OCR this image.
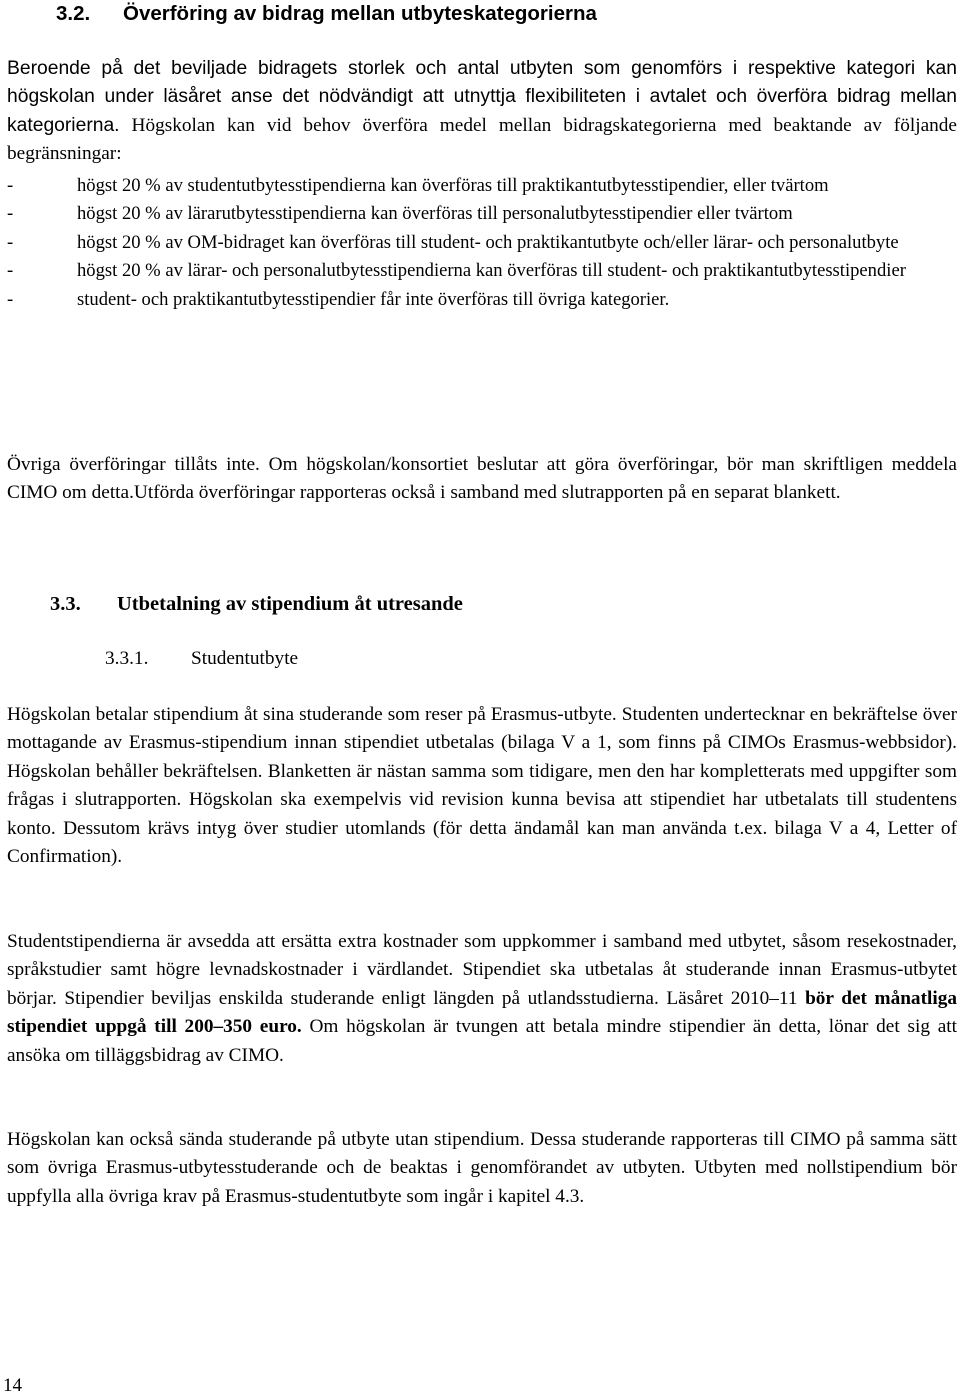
3.2. Överföring av bidrag mellan utbyteskategorierna
Beroende på det beviljade bidragets storlek och antal utbyten som genomförs i respektive kategori kan högskolan under läsåret anse det nödvändigt att utnyttja flexibiliteten i avtalet och överföra bidrag mellan kategorierna. Högskolan kan vid behov överföra medel mellan bidragskategorierna med beaktande av följande begränsningar:
-	högst 20 % av studentutbytesstipendierna kan överföras till praktikantutbytesstipendier, eller tvärtom
-	högst 20 % av lärarutbytesstipendierna kan överföras till personalutbytesstipendier eller tvärtom
-	högst 20 % av OM-bidraget kan överföras till student- och praktikantutbyte och/eller lärar- och personalutbyte
-	högst 20 % av lärar- och personalutbytesstipendierna kan överföras till student- och praktikantutbytesstipendier
-	student- och praktikantutbytesstipendier får inte överföras till övriga kategorier.
Övriga överföringar tillåts inte. Om högskolan/konsortiet beslutar att göra överföringar, bör man skriftligen meddela CIMO om detta.Utförda överföringar rapporteras också i samband med slutrapporten på en separat blankett.
3.3. Utbetalning av stipendium åt utresande
3.3.1. Studentutbyte
Högskolan betalar stipendium åt sina studerande som reser på Erasmus-utbyte. Studenten undertecknar en bekräftelse över mottagande av Erasmus-stipendium innan stipendiet utbetalas (bilaga V a 1, som finns på CIMOs Erasmus-webbsidor). Högskolan behåller bekräftelsen. Blanketten är nästan samma som tidigare, men den har kompletterats med uppgifter som frågas i slutrapporten. Högskolan ska exempelvis vid revision kunna bevisa att stipendiet har utbetalats till studentens konto. Dessutom krävs intyg över studier utomlands (för detta ändamål kan man använda t.ex. bilaga V a 4, Letter of Confirmation).
Studentstipendierna är avsedda att ersätta extra kostnader som uppkommer i samband med utbytet, såsom resekostnader, språkstudier samt högre levnadskostnader i värdlandet. Stipendiet ska utbetalas åt studerande innan Erasmus-utbytet börjar. Stipendier beviljas enskilda studerande enligt längden på utlandsstudierna. Läsåret 2010–11 bör det månatliga stipendiet uppgå till 200–350 euro. Om högskolan är tvungen att betala mindre stipendier än detta, lönar det sig att ansöka om tilläggsbidrag av CIMO.
Högskolan kan också sända studerande på utbyte utan stipendium. Dessa studerande rapporteras till CIMO på samma sätt som övriga Erasmus-utbytesstuderande och de beaktas i genomförandet av utbyten. Utbyten med nollstipendium bör uppfylla alla övriga krav på Erasmus-studentutbyte som ingår i kapitel 4.3.
14
